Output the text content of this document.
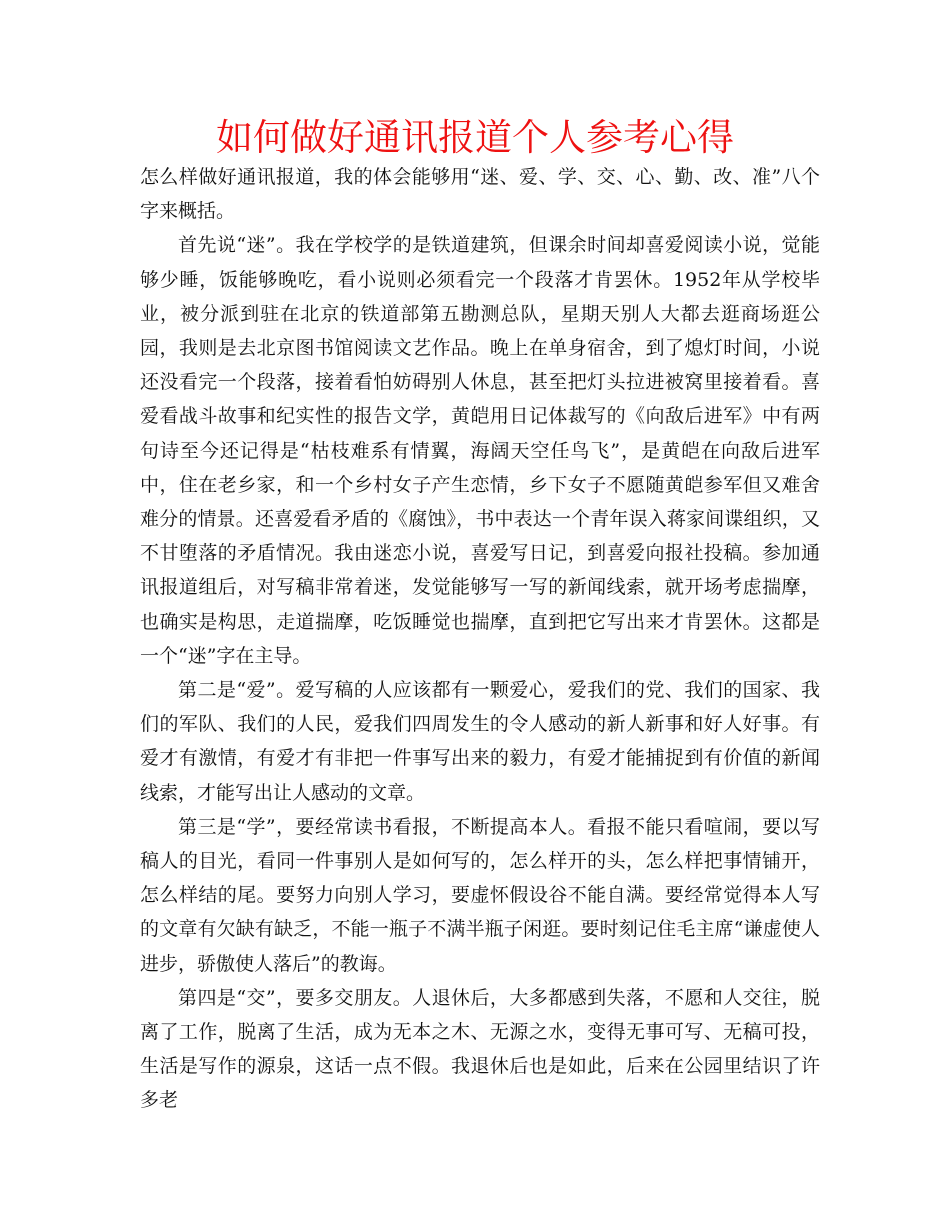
如何做好通讯报道个人参考心得

怎么样做好通讯报道，我的体会能够用“迷、爱、学、交、心、勤、改、准”八个字来概括。

首先说“迷”。我在学校学的是铁道建筑，但课余时间却喜爱阅读小说，觉能够少睡，饭能够晚吃，看小说则必须看完一个段落才肯罢休。1952年从学校毕业，被分派到驻在北京的铁道部第五勘测总队，星期天别人大都去逛商场逛公园，我则是去北京图书馆阅读文艺作品。晚上在单身宿舍，到了熄灯时间，小说还没看完一个段落，接着看怕妨碍别人休息，甚至把灯头拉进被窝里接着看。喜爱看战斗故事和纪实性的报告文学，黄皑用日记体裁写的《向敌后进军》中有两句诗至今还记得是“枯枝难系有情翼，海阔天空任鸟飞”，是黄皑在向敌后进军中，住在老乡家，和一个乡村女子产生恋情，乡下女子不愿随黄皑参军但又难舍难分的情景。还喜爱看矛盾的《腐蚀》，书中表达一个青年误入蒋家间谍组织，又不甘堕落的矛盾情况。我由迷恋小说，喜爱写日记，到喜爱向报社投稿。参加通讯报道组后，对写稿非常着迷，发觉能够写一写的新闻线索，就开场考虑揣摩，也确实是构思，走道揣摩，吃饭睡觉也揣摩，直到把它写出来才肯罢休。这都是一个“迷”字在主导。

第二是“爱”。爱写稿的人应该都有一颗爱心，爱我们的党、我们的国家、我们的军队、我们的人民，爱我们四周发生的令人感动的新人新事和好人好事。有爱才有激情，有爱才有非把一件事写出来的毅力，有爱才能捕捉到有价值的新闻线索，才能写出让人感动的文章。

第三是“学”，要经常读书看报，不断提高本人。看报不能只看喧闹，要以写稿人的目光，看同一件事别人是如何写的，怎么样开的头，怎么样把事情铺开，怎么样结的尾。要努力向别人学习，要虚怀假设谷不能自满。要经常觉得本人写的文章有欠缺有缺乏，不能一瓶子不满半瓶子闲逛。要时刻记住毛主席“谦虚使人进步，骄傲使人落后”的教诲。

第四是“交”，要多交朋友。人退休后，大多都感到失落，不愿和人交往，脱离了工作，脱离了生活，成为无本之木、无源之水，变得无事可写、无稿可投，生活是写作的源泉，这话一点不假。我退休后也是如此，后来在公园里结识了许多老
